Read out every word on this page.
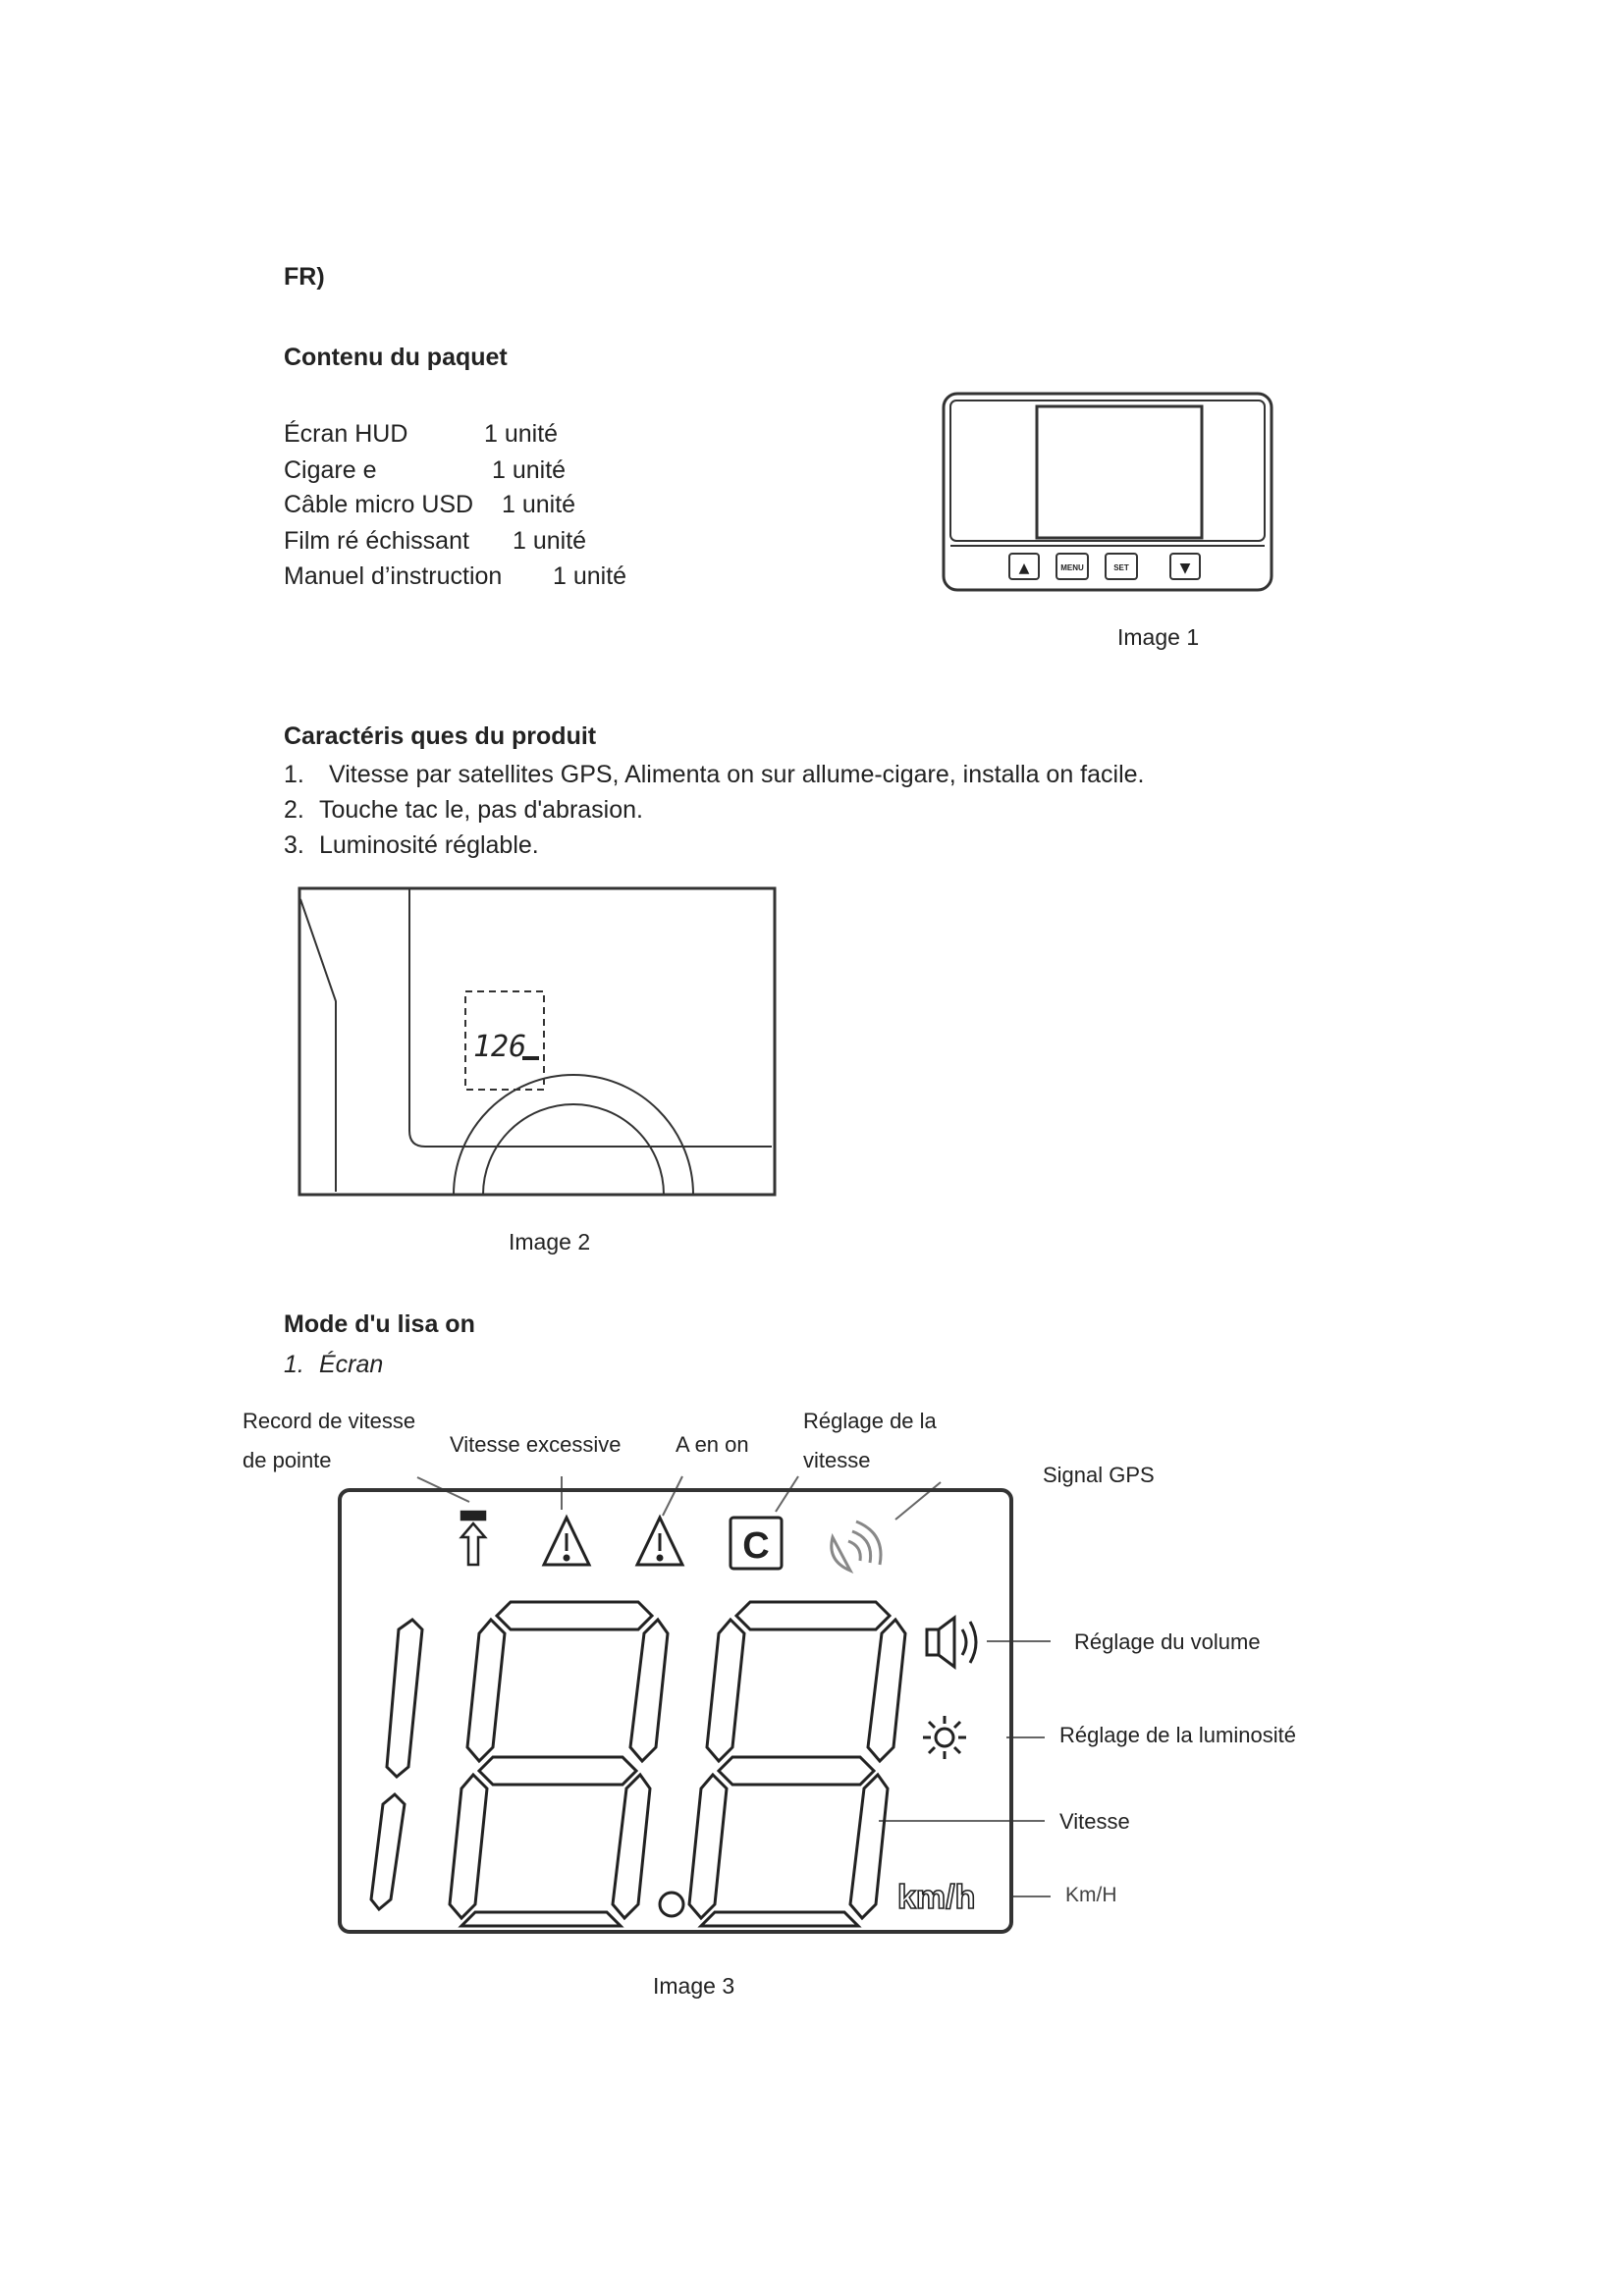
FR)
Contenu du paquet
Écran HUD	1 unité
Cigare e	1 unité
Câble micro USD 1 unité
Film ré échissant 1 unité
Manuel d’instruction 1 unité	▲	MENU	SET	▼
Image 1
Caractéris ques du produit
1. Vitesse par satellites GPS, Alimenta on sur allume-cigare, installa on facile.
2. Touche tac le, pas d'abrasion.
3. Luminosité réglable.
126
Image 2
Mode d'u lisa on
1. Écran
Record de vitesse
de pointe
Vitesse excessive	A en on
Réglage de la
vitesse
Signal GPS
Réglage du volume
Réglage de la luminosité
Vitesse
Km/H
C
km/h
Image 3
